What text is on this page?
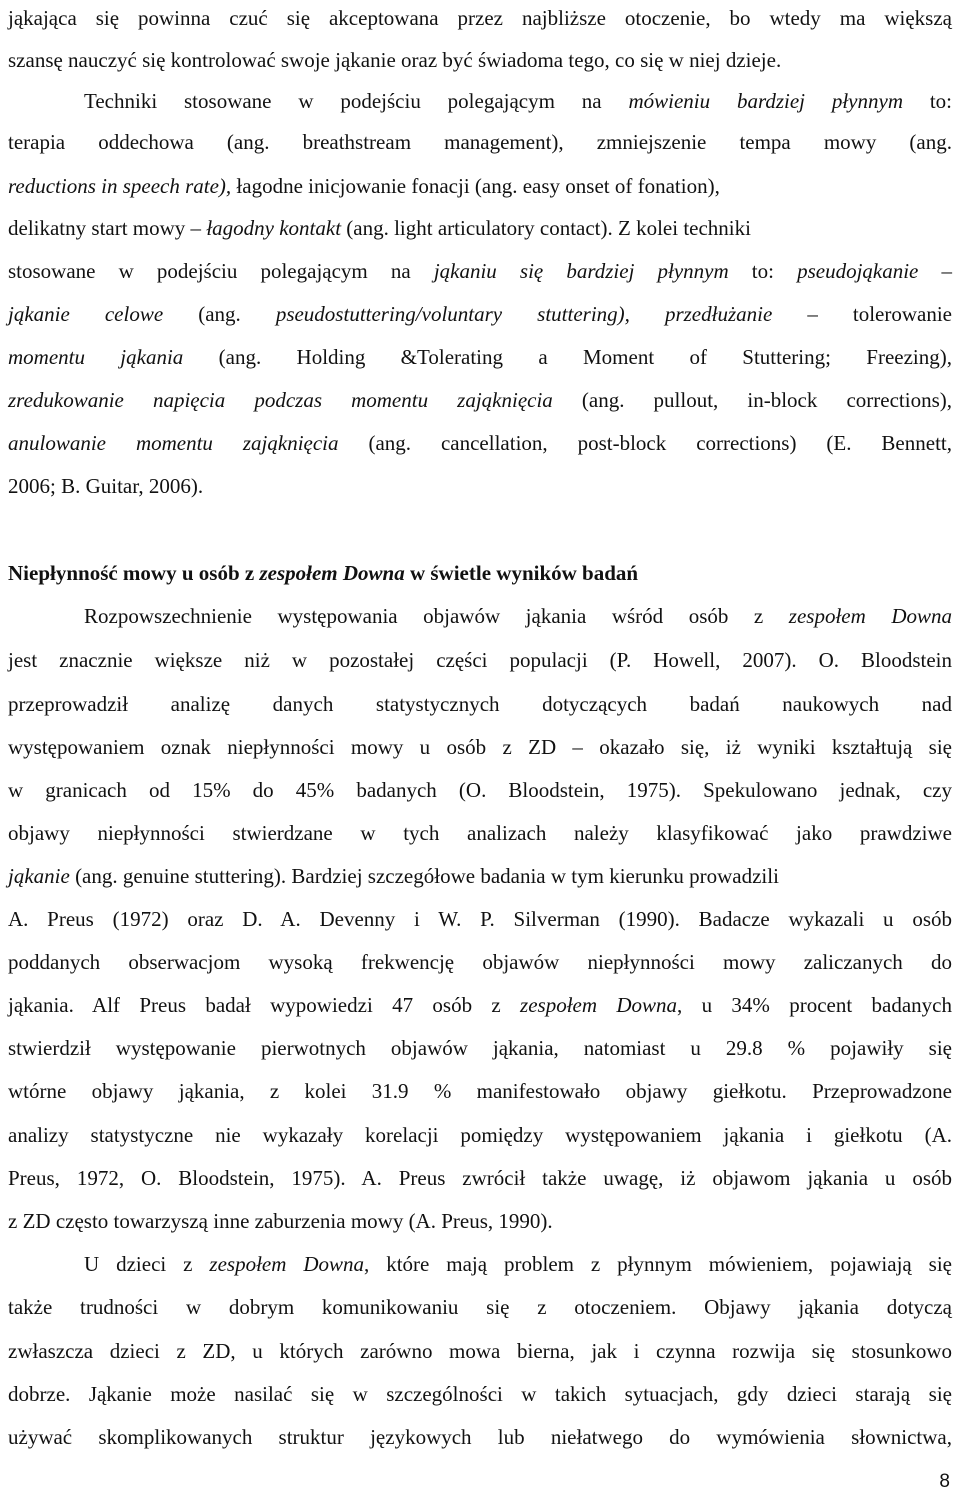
jąkająca się powinna czuć się akceptowana przez najbliższe otoczenie, bo wtedy ma większą
szansę nauczyć się kontrolować swoje jąkanie oraz być świadoma tego, co się w niej dzieje.
Techniki stosowane w podejściu polegającym na mówieniu bardziej płynnym to:
terapia oddechowa (ang. breathstream management), zmniejszenie tempa mowy (ang.
reductions in speech rate), łagodne inicjowanie fonacji (ang. easy onset of fonation),
delikatny start mowy – łagodny kontakt (ang. light articulatory contact). Z kolei techniki
stosowane w podejściu polegającym na jąkaniu się bardziej płynnym to: pseudojąkanie –
jąkanie celowe (ang. pseudostuttering/voluntary stuttering), przedłużanie – tolerowanie
momentu jąkania (ang. Holding &Tolerating a Moment of Stuttering; Freezing),
zredukowanie napięcia podczas momentu zająknięcia (ang. pullout, in-block corrections),
anulowanie momentu zająknięcia (ang. cancellation, post-block corrections) (E. Bennett,
2006; B. Guitar, 2006).
Niepłynność mowy u osób z zespołem Downa w świetle wyników badań
Rozpowszechnienie występowania objawów jąkania wśród osób z zespołem Downa
jest znacznie większe niż w pozostałej części populacji (P. Howell, 2007). O. Bloodstein
przeprowadził analizę danych statystycznych dotyczących badań naukowych nad
występowaniem oznak niepłynności mowy u osób z ZD – okazało się, iż wyniki kształtują się
w granicach od 15% do 45% badanych (O. Bloodstein, 1975). Spekulowano jednak, czy
objawy niepłynności stwierdzane w tych analizach należy klasyfikować jako prawdziwe
jąkanie (ang. genuine stuttering). Bardziej szczegółowe badania w tym kierunku prowadzili
A. Preus (1972) oraz D. A. Devenny i W. P. Silverman (1990). Badacze wykazali u osób
poddanych obserwacjom wysoką frekwencję objawów niepłynności mowy zaliczanych do
jąkania. Alf Preus badał wypowiedzi 47 osób z zespołem Downa, u 34% procent badanych
stwierdził występowanie pierwotnych objawów jąkania, natomiast u 29.8 % pojawiły się
wtórne objawy jąkania, z kolei 31.9 % manifestowało objawy giełkotu. Przeprowadzone
analizy statystyczne nie wykazały korelacji pomiędzy występowaniem jąkania i giełkotu (A.
Preus, 1972, O. Bloodstein, 1975). A. Preus zwrócił także uwagę, iż objawom jąkania u osób
z ZD często towarzyszą inne zaburzenia mowy (A. Preus, 1990).
U dzieci z zespołem Downa, które mają problem z płynnym mówieniem, pojawiają się
także trudności w dobrym komunikowaniu się z otoczeniem. Objawy jąkania dotyczą
zwłaszcza dzieci z ZD, u których zarówno mowa bierna, jak i czynna rozwija się stosunkowo
dobrze. Jąkanie może nasilać się w szczególności w takich sytuacjach, gdy dzieci starają się
używać skomplikowanych struktur językowych lub niełatwego do wymówienia słownictwa,
8
